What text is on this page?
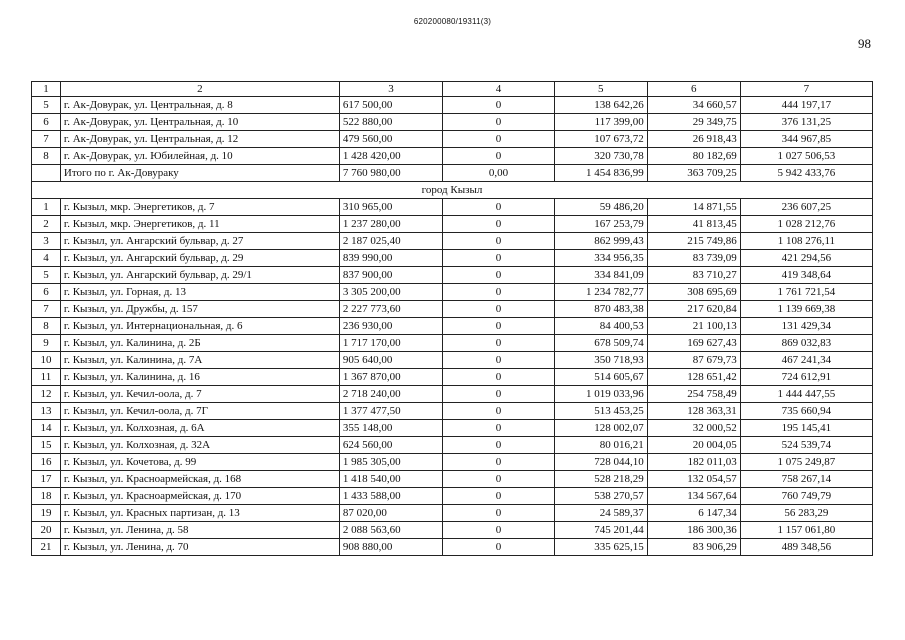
620200080/19311(3)
98
1	2	3	4	5	6	7
5	г. Ак-Довурак, ул. Центральная, д. 8	617 500,00	0	138 642,26	34 660,57	444 197,17
6	г. Ак-Довурак, ул. Центральная, д. 10	522 880,00	0	117 399,00	29 349,75	376 131,25
7	г. Ак-Довурак, ул. Центральная, д. 12	479 560,00	0	107 673,72	26 918,43	344 967,85
8	г. Ак-Довурак, ул. Юбилейная, д. 10	1 428 420,00	0	320 730,78	80 182,69	1 027 506,53
	Итого по г. Ак-Довураку	7 760 980,00	0,00	1 454 836,99	363 709,25	5 942 433,76
город Кызыл						
1	г. Кызыл, мкр. Энергетиков, д. 7	310 965,00	0	59 486,20	14 871,55	236 607,25
2	г. Кызыл, мкр. Энергетиков, д. 11	1 237 280,00	0	167 253,79	41 813,45	1 028 212,76
3	г. Кызыл, ул. Ангарский бульвар, д. 27	2 187 025,40	0	862 999,43	215 749,86	1 108 276,11
4	г. Кызыл, ул. Ангарский бульвар, д. 29	839 990,00	0	334 956,35	83 739,09	421 294,56
5	г. Кызыл, ул. Ангарский бульвар, д. 29/1	837 900,00	0	334 841,09	83 710,27	419 348,64
6	г. Кызыл, ул. Горная, д. 13	3 305 200,00	0	1 234 782,77	308 695,69	1 761 721,54
7	г. Кызыл, ул. Дружбы, д. 157	2 227 773,60	0	870 483,38	217 620,84	1 139 669,38
8	г. Кызыл, ул. Интернациональная, д. 6	236 930,00	0	84 400,53	21 100,13	131 429,34
9	г. Кызыл, ул. Калинина, д. 2Б	1 717 170,00	0	678 509,74	169 627,43	869 032,83
10	г. Кызыл, ул. Калинина, д. 7А	905 640,00	0	350 718,93	87 679,73	467 241,34
11	г. Кызыл, ул. Калинина, д. 16	1 367 870,00	0	514 605,67	128 651,42	724 612,91
12	г. Кызыл, ул. Кечил-оола, д. 7	2 718 240,00	0	1 019 033,96	254 758,49	1 444 447,55
13	г. Кызыл, ул. Кечил-оола, д. 7Г	1 377 477,50	0	513 453,25	128 363,31	735 660,94
14	г. Кызыл, ул. Колхозная, д. 6А	355 148,00	0	128 002,07	32 000,52	195 145,41
15	г. Кызыл, ул. Колхозная, д. 32А	624 560,00	0	80 016,21	20 004,05	524 539,74
16	г. Кызыл, ул. Кочетова, д. 99	1 985 305,00	0	728 044,10	182 011,03	1 075 249,87
17	г. Кызыл, ул. Красноармейская, д. 168	1 418 540,00	0	528 218,29	132 054,57	758 267,14
18	г. Кызыл, ул. Красноармейская, д. 170	1 433 588,00	0	538 270,57	134 567,64	760 749,79
19	г. Кызыл, ул. Красных партизан, д. 13	87 020,00	0	24 589,37	6 147,34	56 283,29
20	г. Кызыл, ул. Ленина, д. 58	2 088 563,60	0	745 201,44	186 300,36	1 157 061,80
21	г. Кызыл, ул. Ленина, д. 70	908 880,00	0	335 625,15	83 906,29	489 348,56
